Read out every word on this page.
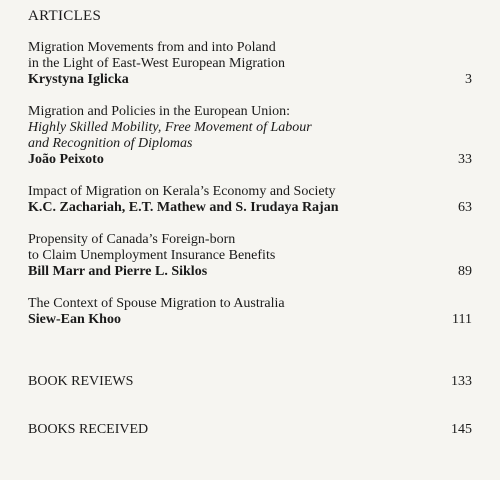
ARTICLES
Migration Movements from and into Poland
in the Light of East-West European Migration
Krystyna Iglicka	3
Migration and Policies in the European Union:
Highly Skilled Mobility, Free Movement of Labour
and Recognition of Diplomas
João Peixoto	33
Impact of Migration on Kerala’s Economy and Society
K.C. Zachariah, E.T. Mathew and S. Irudaya Rajan	63
Propensity of Canada’s Foreign-born
to Claim Unemployment Insurance Benefits
Bill Marr and Pierre L. Siklos	89
The Context of Spouse Migration to Australia
Siew-Ean Khoo	111
BOOK REVIEWS	133
BOOKS RECEIVED	145
